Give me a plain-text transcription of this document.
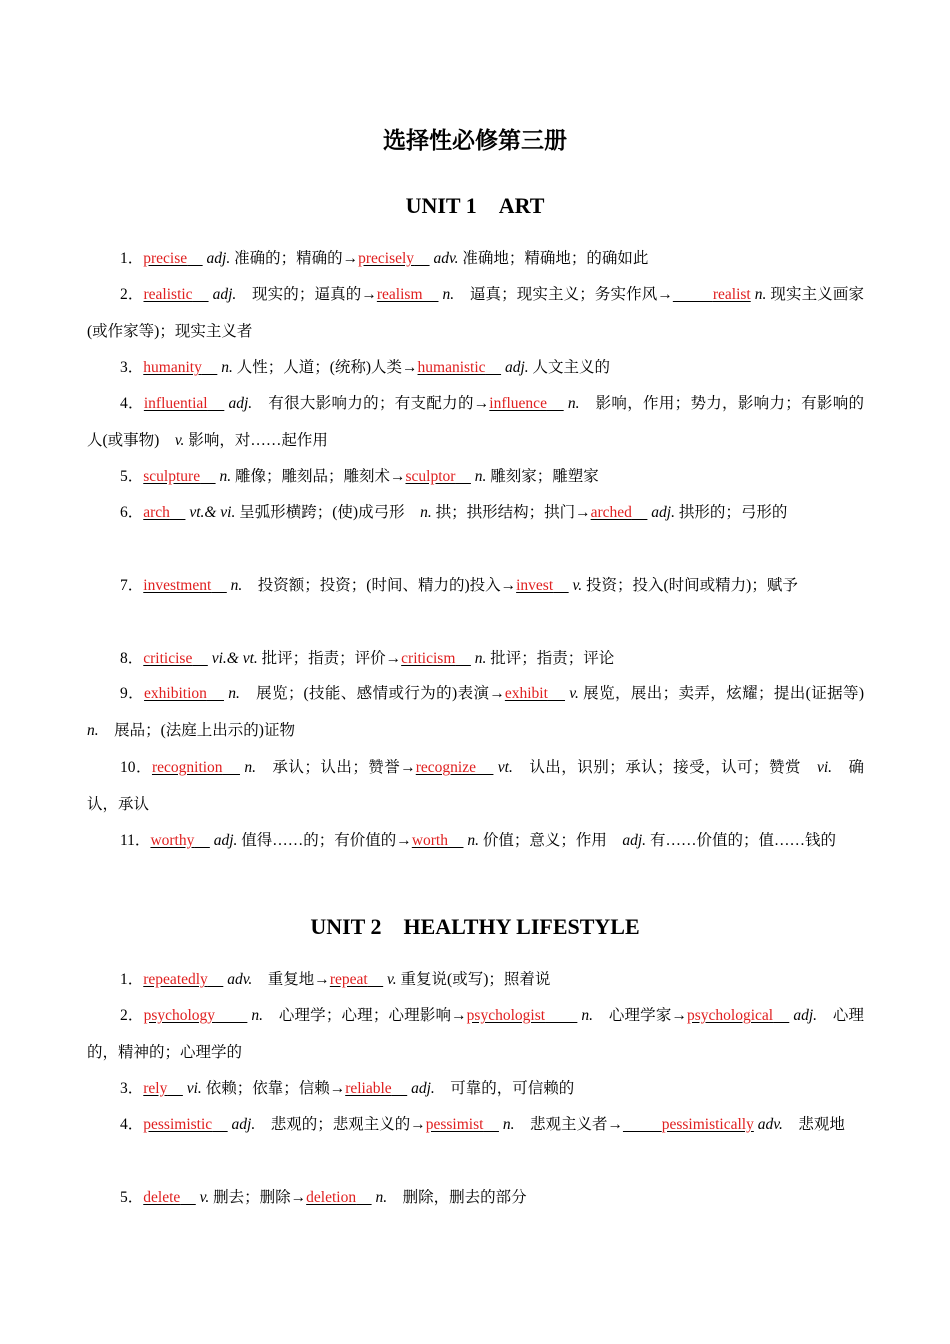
选择性必修第三册
UNIT 1　ART

1．precise adj. 准确的；精确的→precisely adv. 准确地；精确地；的确如此

2．realistic adj.　现实的；逼真的→realism n.　逼真；现实主义；务实作风→	realist n. 现实主义画家(或作家等)；现实主义者

3．humanity n. 人性；人道；(统称)人类→humanistic adj. 人文主义的

4．influential adj.　有很大影响力的；有支配力的→influence n.　影响，作用；势力，影响力；有影响的人(或事物)　v. 影响，对……起作用

5．sculpture n. 雕像；雕刻品；雕刻术→sculptor n. 雕刻家；雕塑家

6．arch vt.& vi. 呈弧形横跨；(使)成弓形　n. 拱；拱形结构；拱门→arched adj. 拱形的；弓形的

7．investment n.　投资额；投资；(时间、精力的)投入→invest v. 投资；投入(时间或精力)；赋予

8．criticise vi.& vt. 批评；指责；评价→criticism n. 批评；指责；评论

9．exhibition n.　展览；(技能、感情或行为的)表演→exhibit v. 展览，展出；卖弄，炫耀；提出(证据等)　n.　展品；(法庭上出示的)证物

10．recognition n.　承认；认出；赞誉→recognize vt.　认出，识别；承认；接受，认可；赞赏　vi.　确认，承认

11．worthy adj. 值得……的；有价值的→worth n. 价值；意义；作用　adj. 有……价值的；值……钱的

UNIT 2　HEALTHY LIFESTYLE

1．repeatedly adv.　重复地→repeat v. 重复说(或写)；照着说

2．psychology n.　心理学；心理；心理影响→psychologist n.　心理学家→psychological adj.　心理的，精神的；心理学的

3．rely vi. 依赖；依靠；信赖→reliable adj.　可靠的，可信赖的

4．pessimistic adj.　悲观的；悲观主义的→pessimist n.　悲观主义者→	pessimistically adv.　悲观地

5．delete v. 删去；删除→deletion n.　删除，删去的部分
